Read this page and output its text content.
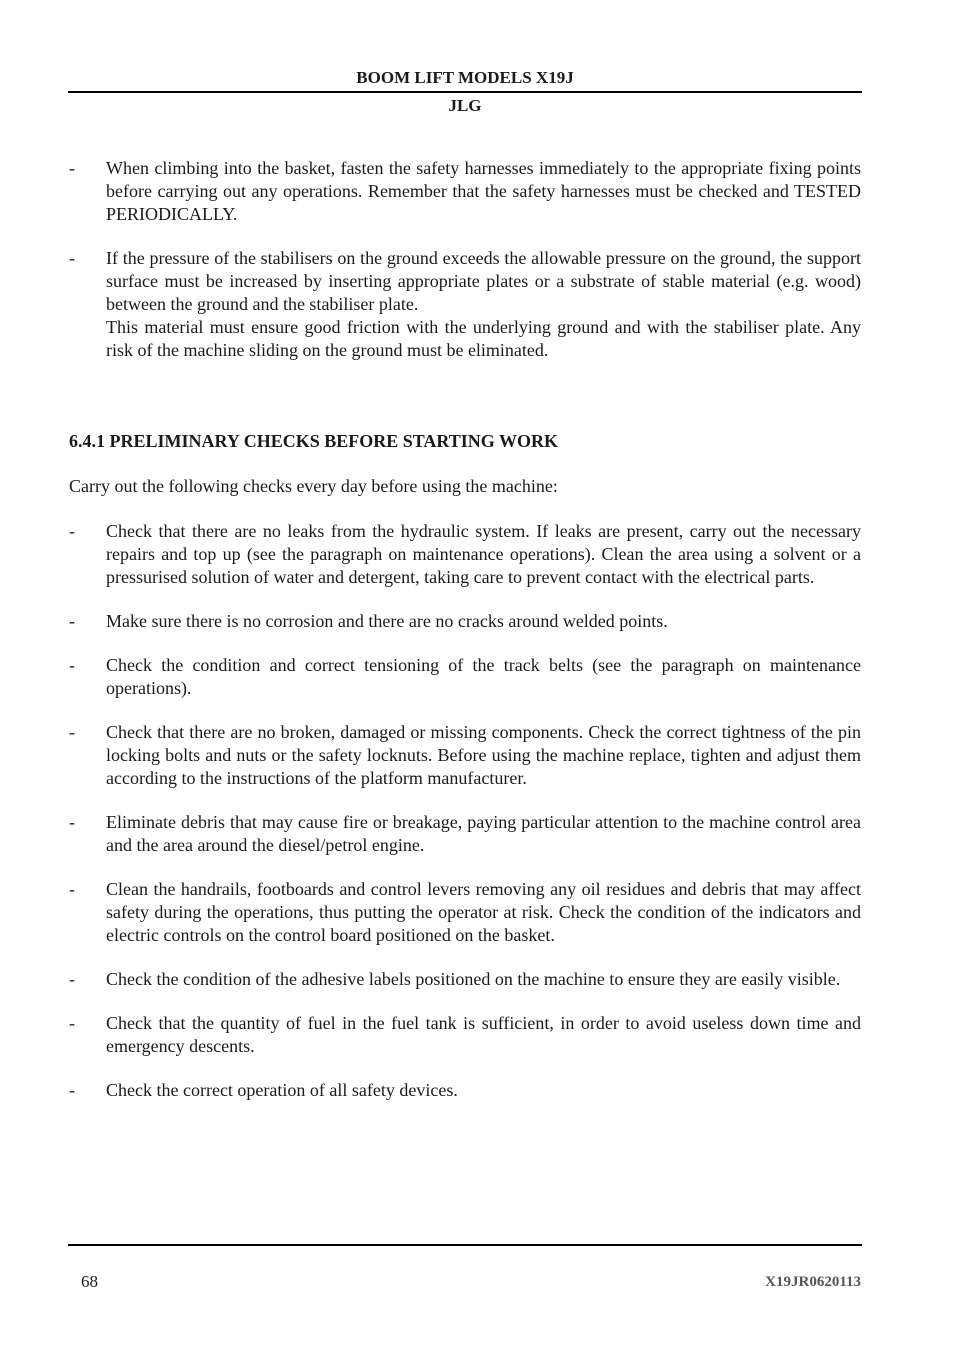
BOOM LIFT MODELS X19J
JLG
- When climbing into the basket, fasten the safety harnesses immediately to the appropriate fixing points before carrying out any operations. Remember that the safety harnesses must be checked and TESTED PERIODICALLY.

- If the pressure of the stabilisers on the ground exceeds the allowable pressure on the ground, the support surface must be increased by inserting appropriate plates or a substrate of stable material (e.g. wood) between the ground and the stabiliser plate.

This material must ensure good friction with the underlying ground and with the stabiliser plate. Any risk of the machine sliding on the ground must be eliminated.

6.4.1 PRELIMINARY CHECKS BEFORE STARTING WORK
Carry out the following checks every day before using the machine:
- Check that there are no leaks from the hydraulic system. If leaks are present, carry out the necessary repairs and top up (see the paragraph on maintenance operations). Clean the area using a solvent or a pressurised solution of water and detergent, taking care to prevent contact with the electrical parts.

- Make sure there is no corrosion and there are no cracks around welded points.

- Check the condition and correct tensioning of the track belts (see the paragraph on maintenance operations).

- Check that there are no broken, damaged or missing components. Check the correct tightness of the pin locking bolts and nuts or the safety locknuts. Before using the machine replace, tighten and adjust them according to the instructions of the platform manufacturer.

- Eliminate debris that may cause fire or breakage, paying particular attention to the machine control area and the area around the diesel/petrol engine.

- Clean the handrails, footboards and control levers removing any oil residues and debris that may affect safety during the operations, thus putting the operator at risk. Check the condition of the indicators and electric controls on the control board positioned on the basket.

- Check the condition of the adhesive labels positioned on the machine to ensure they are easily visible.

- Check that the quantity of fuel in the fuel tank is sufficient, in order to avoid useless down time and emergency descents.

- Check the correct operation of all safety devices.

68	X19JR0620113
